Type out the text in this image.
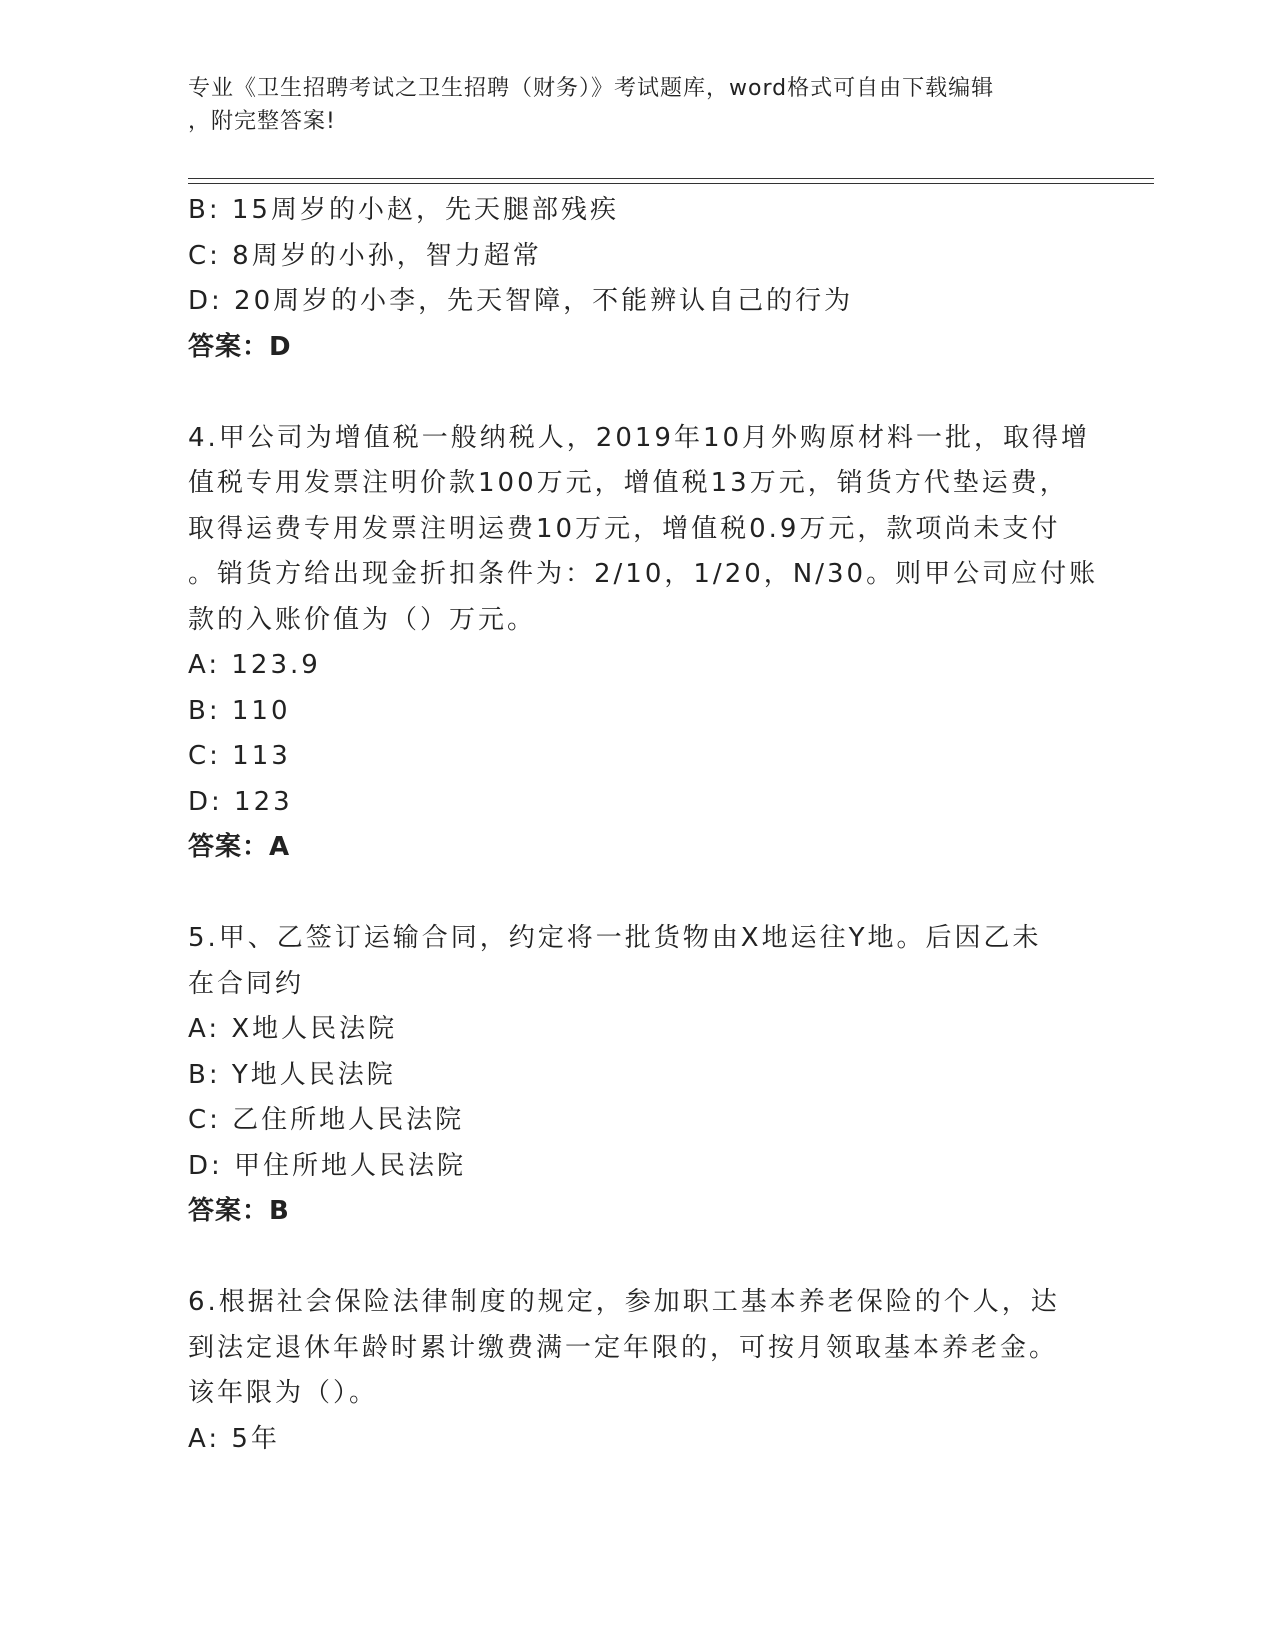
专业《卫生招聘考试之卫生招聘（财务）》考试题库，word格式可自由下载编辑
，附完整答案!
B: 15周岁的小赵，先天腿部残疾
C: 8周岁的小孙，智力超常
D: 20周岁的小李，先天智障，不能辨认自己的行为
答案：D
4.甲公司为增值税一般纳税人，2019年10月外购原材料一批，取得增
值税专用发票注明价款100万元，增值税13万元，销货方代垫运费，
取得运费专用发票注明运费10万元，增值税0.9万元，款项尚未支付
。销货方给出现金折扣条件为：2/10，1/20，N/30。则甲公司应付账
款的入账价值为（）万元。
A: 123.9
B: 110
C: 113
D: 123
答案：A
5.甲、乙签订运输合同，约定将一批货物由X地运往Y地。后因乙未
在合同约
A: X地人民法院
B: Y地人民法院
C: 乙住所地人民法院
D: 甲住所地人民法院
答案：B
6.根据社会保险法律制度的规定，参加职工基本养老保险的个人，达
到法定退休年龄时累计缴费满一定年限的，可按月领取基本养老金。
该年限为（）。
A: 5年
